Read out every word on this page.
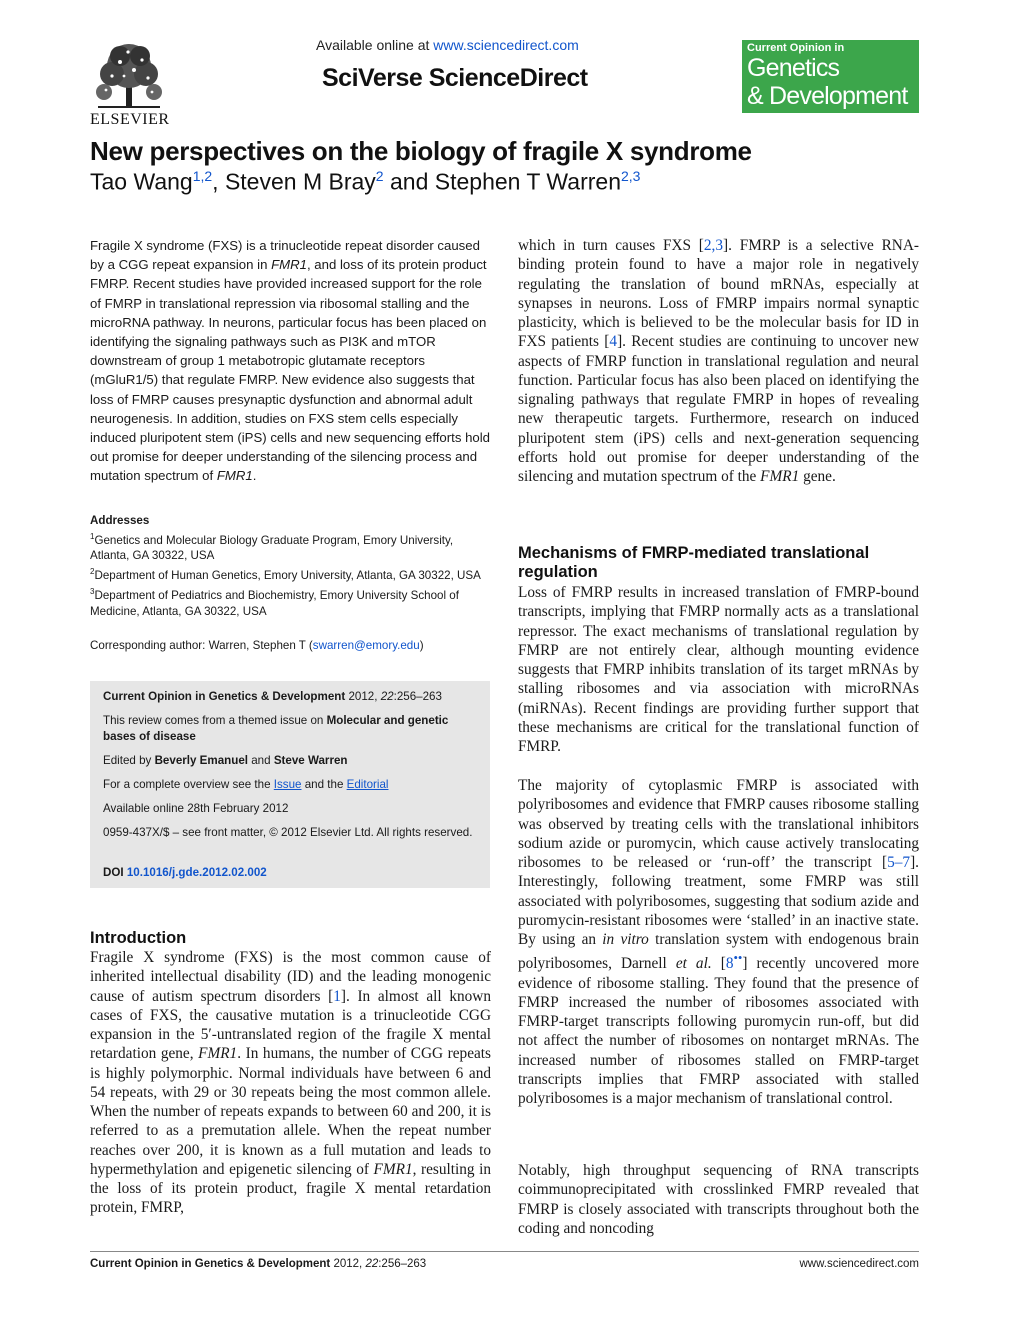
ELSEVIER
Available online at www.sciencedirect.com
SciVerse ScienceDirect
Current Opinion in
Genetics
& Development
New perspectives on the biology of fragile X syndrome
Tao Wang$^{1,2}$, Steven M Bray$^2$ and Stephen T Warren$^{2,3}$

Fragile X syndrome (FXS) is a trinucleotide repeat disorder caused by a CGG repeat expansion in FMR1, and loss of its protein product FMRP. Recent studies have provided increased support for the role of FMRP in translational repression via ribosomal stalling and the microRNA pathway. In neurons, particular focus has been placed on identifying the signaling pathways such as PI3K and mTOR downstream of group 1 metabotropic glutamate receptors (mGluR1/5) that regulate FMRP. New evidence also suggests that loss of FMRP causes presynaptic dysfunction and abnormal adult neurogenesis. In addition, studies on FXS stem cells especially induced pluripotent stem (iPS) cells and new sequencing efforts hold out promise for deeper understanding of the silencing process and mutation spectrum of FMR1.

Addresses
$^1$Genetics and Molecular Biology Graduate Program, Emory University, Atlanta, GA 30322, USA
$^2$Department of Human Genetics, Emory University, Atlanta, GA 30322, USA
$^3$Department of Pediatrics and Biochemistry, Emory University School of Medicine, Atlanta, GA 30322, USA
Corresponding author: Warren, Stephen T (swarren@emory.edu)
Current Opinion in Genetics & Development 2012, 22:256–263
This review comes from a themed issue on Molecular and genetic bases of disease
Edited by Beverly Emanuel and Steve Warren
For a complete overview see the Issue and the Editorial
Available online 28th February 2012
0959-437X/$ – see front matter, © 2012 Elsevier Ltd. All rights reserved.
DOI 10.1016/j.gde.2012.02.002
Introduction

Fragile X syndrome (FXS) is the most common cause of inherited intellectual disability (ID) and the leading monogenic cause of autism spectrum disorders [1]. In almost all known cases of FXS, the causative mutation is a trinucleotide CGG expansion in the 5′-untranslated region of the fragile X mental retardation gene, FMR1. In humans, the number of CGG repeats is highly polymorphic. Normal individuals have between 6 and 54 repeats, with 29 or 30 repeats being the most common allele. When the number of repeats expands to between 60 and 200, it is referred to as a premutation allele. When the repeat number reaches over 200, it is known as a full mutation and leads to hypermethylation and epigenetic silencing of FMR1, resulting in the loss of its protein product, fragile X mental retardation protein, FMRP,

which in turn causes FXS [2,3]. FMRP is a selective RNA-binding protein found to have a major role in negatively regulating the translation of bound mRNAs, especially at synapses in neurons. Loss of FMRP impairs normal synaptic plasticity, which is believed to be the molecular basis for ID in FXS patients [4]. Recent studies are continuing to uncover new aspects of FMRP function in translational regulation and neural function. Particular focus has also been placed on identifying the signaling pathways that regulate FMRP in hopes of revealing new therapeutic targets. Furthermore, research on induced pluripotent stem (iPS) cells and next-generation sequencing efforts hold out promise for deeper understanding of the silencing and mutation spectrum of the FMR1 gene.

Mechanisms of FMRP-mediated translational regulation

Loss of FMRP results in increased translation of FMRP-bound transcripts, implying that FMRP normally acts as a translational repressor. The exact mechanisms of translational regulation by FMRP are not entirely clear, although mounting evidence suggests that FMRP inhibits translation of its target mRNAs by stalling ribosomes and via association with microRNAs (miRNAs). Recent findings are providing further support that these mechanisms are critical for the translational function of FMRP.

The majority of cytoplasmic FMRP is associated with polyribosomes and evidence that FMRP causes ribosome stalling was observed by treating cells with the translational inhibitors sodium azide or puromycin, which cause actively translocating ribosomes to be released or ‘run-off’ the transcript [5–7]. Interestingly, following treatment, some FMRP was still associated with polyribosomes, suggesting that sodium azide and puromycin-resistant ribosomes were ‘stalled’ in an inactive state. By using an in vitro translation system with endogenous brain polyribosomes, Darnell et al. [8••] recently uncovered more evidence of ribosome stalling. They found that the presence of FMRP increased the number of ribosomes associated with FMRP-target transcripts following puromycin run-off, but did not affect the number of ribosomes on nontarget mRNAs. The increased number of ribosomes stalled on FMRP-target transcripts implies that FMRP associated with stalled polyribosomes is a major mechanism of translational control.

Notably, high throughput sequencing of RNA transcripts coimmunoprecipitated with crosslinked FMRP revealed that FMRP is closely associated with transcripts throughout both the coding and noncoding

Current Opinion in Genetics & Development 2012, 22:256–263	www.sciencedirect.com
